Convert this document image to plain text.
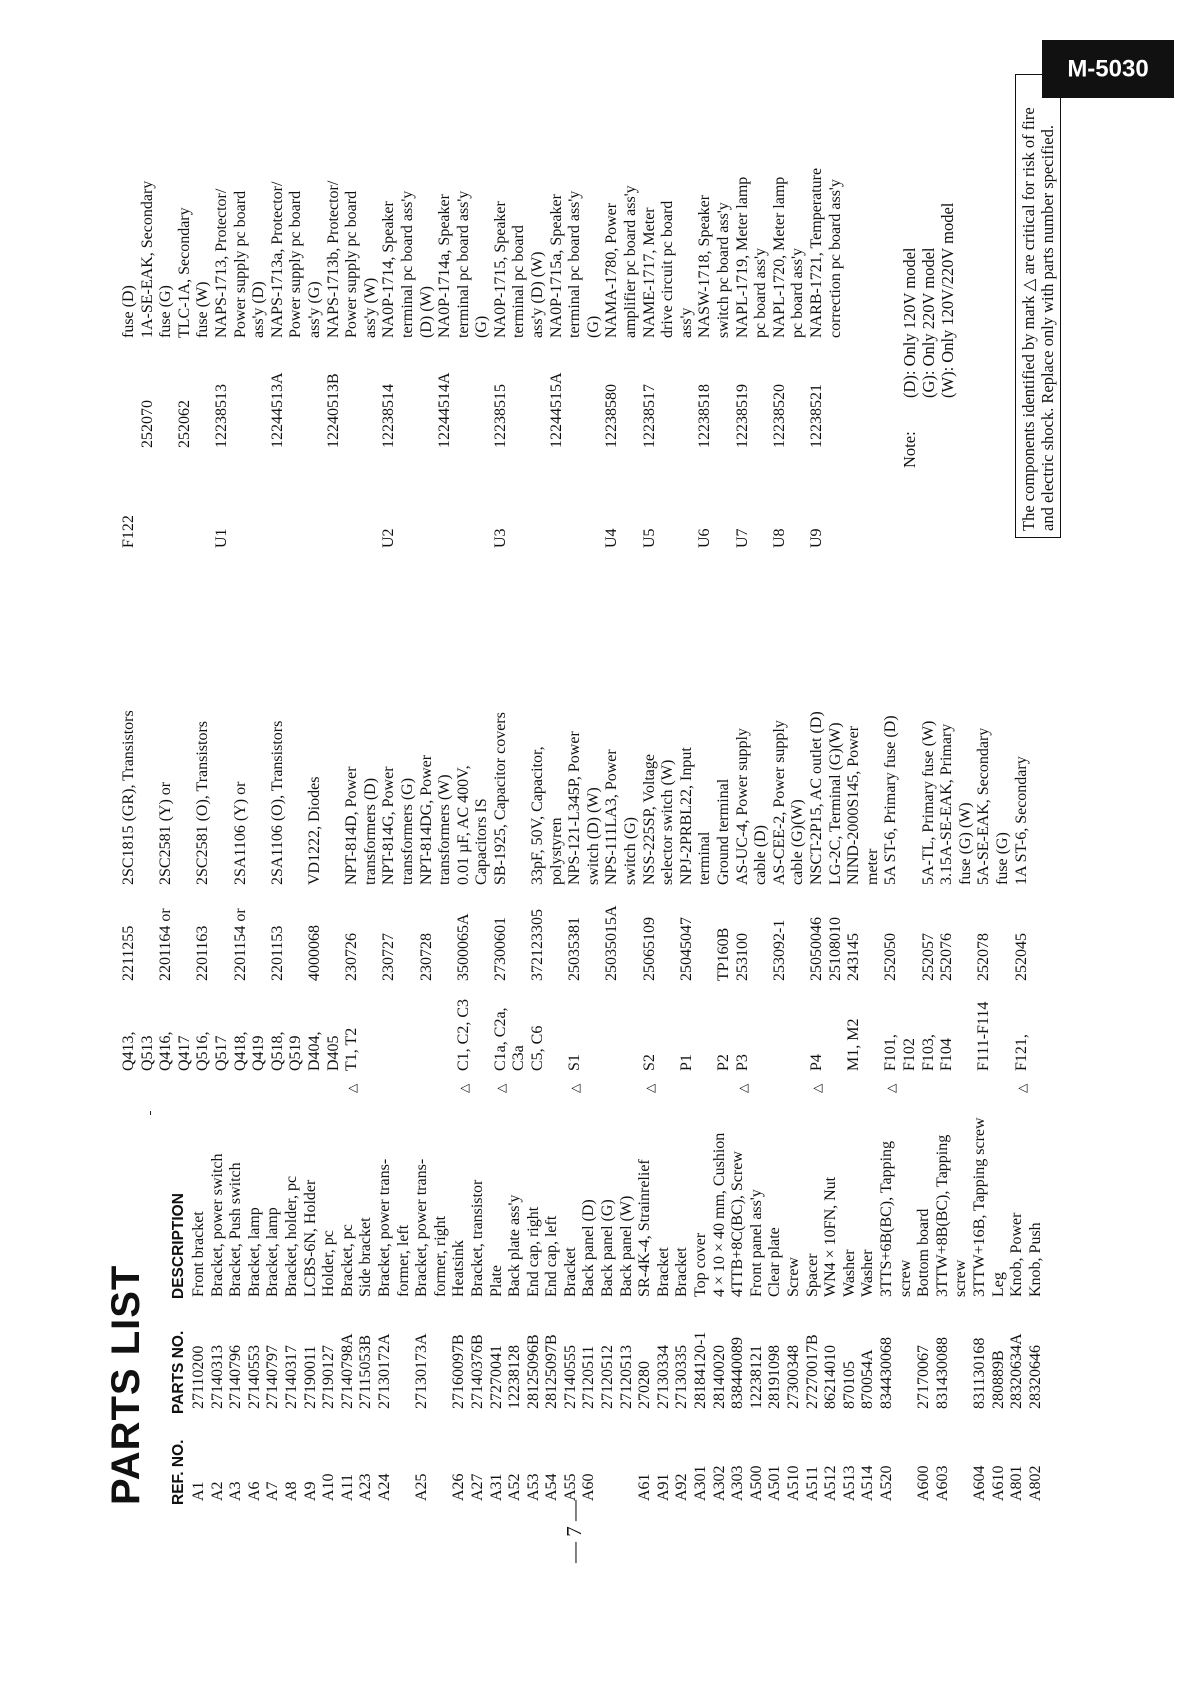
M-5030
PARTS LIST
— 7 —
REF. NO.
PARTS NO.
DESCRIPTION
A1
27110200
Front bracket
A2
27140313
Bracket, power switch
A3
27140796
Bracket, Push switch
A6
27140553
Bracket, lamp
A7
27140797
Bracket, lamp
A8
27140317
Bracket, holder, pc
A9
27190011
LCBS-6N, Holder
A10
27190127
Holder, pc
A11
27140798A
Bracket, pc
A23
27115053B
Side bracket
A24
27130172A
Bracket, power trans- former, left
A25
27130173A
Bracket, power trans- former, right
A26
27160097B
Heatsink
A27
27140376B
Bracket, transistor
A31
27270041
Plate
A52
12238128
Back plate ass'y
A53
28125096B
End cap, right
A54
28125097B
End cap, left
A55
27140555
Bracket
A60
27120511
Back panel (D)
27120512
Back panel (G)
27120513
Back panel (W)
A61
270280
SR-4K-4, Strainrelief
A91
27130334
Bracket
A92
27130335
Bracket
A301
28184120-1
Top cover
A302
28140020
4 × 10 × 40 mm, Cushion
A303
838440089
4TTB+8C(BC), Screw
A500
12238121
Front panel ass'y
A501
28191098
Clear plate
A510
27300348
Screw
A511
27270017B
Spacer
A512
86214010
WN4 × 10FN, Nut
A513
870105
Washer
A514
870054A
Washer
A520
834430068
3TTS+6B(BC), Tapping screw
A600
27170067
Bottom board
A603
831430088
3TTW+8B(BC), Tapping screw
A604
831130168
3TTW+16B, Tapping screw
A610
280889B
Leg
A801
28320634A
Knob, Power
A802
28320646
Knob, Push
Q413,
2211255
2SC1815 (GR), Transistors
Q513 Q416,
2201164 or
2SC2581 (Y) or
Q417 Q516,
2201163
2SC2581 (O), Transistors
Q517 Q418,
2201154 or
2SA1106 (Y) or
Q419 Q518,
2201153
2SA1106 (O), Transistors
Q519 D404,
4000068
VD1222, Diodes
D405
△
T1, T2
230726
NPT-814D, Power transformers (D)
230727
NPT-814G, Power transformers (G)
230728
NPT-814DG, Power transformers (W)
△
C1, C2, C3
3500065A
0.01 µF, AC 400V, Capacitors IS
△
C1a, C2a,
27300601
SB-1925, Capacitor covers
C3a C5, C6
372123305
33pF, 50V, Capacitor, polystyren
△
S1
25035381
NPS-121-L345P, Power switch (D) (W)
25035015A
NPS-111LA3, Power switch (G)
△
S2
25065109
NSS-225SP, Voltage selector switch (W)
P1
25045047
NPJ-2PRBL22, Input terminal
P2
TP160B
Ground terminal
△
P3
253100
AS-UC-4, Power supply cable (D)
253092-1
AS-CEE-2, Power supply cable (G)(W)
△
P4
25050046
NSCT-2P15, AC outlet (D)
25108010
LG-2C, Terminal (G)(W)
M1, M2
243145
NIND-2000S145, Power meter
△
F101,
252050
5A ST-6, Primary fuse (D)
F102 F103,
252057
5A-TL, Primary fuse (W)
F104
252076
3.15A-SE-EAK, Primary fuse (G) (W)
F111-F114
252078
5A-SE-EAK, Secondary fuse (G)
△
F121,
252045
1A ST-6, Secondary
F122
fuse (D)
252070
1A-SE-EAK, Secondary fuse (G)
252062
TLC-1A, Secondary fuse (W)
U1
12238513
NAPS-1713, Protector/ Power supply pc board ass'y (D)
12244513A
NAPS-1713a, Protector/ Power supply pc board ass'y (G)
12240513B
NAPS-1713b, Protector/ Power supply pc board ass'y (W)
U2
12238514
NA0P-1714, Speaker terminal pc board ass'y (D) (W)
12244514A
NA0P-1714a, Speaker terminal pc board ass'y (G)
U3
12238515
NA0P-1715, Speaker terminal pc board ass'y (D) (W)
12244515A
NA0P-1715a, Speaker terminal pc board ass'y (G)
U4
12238580
NAMA-1780, Power amplifier pc board ass'y
U5
12238517
NAME-1717, Meter drive circuit pc board ass'y
U6
12238518
NASW-1718, Speaker switch pc board ass'y
U7
12238519
NAPL-1719, Meter lamp pc board ass'y
U8
12238520
NAPL-1720, Meter lamp pc board ass'y
U9
12238521
NARB-1721, Temperature correction pc board ass'y
Note:
(D): Only 120V model (G): Only 220V model (W): Only 120V/220V model	The components identified by mark △ are critical for risk of fire and electric shock. Replace only with parts number specified.
